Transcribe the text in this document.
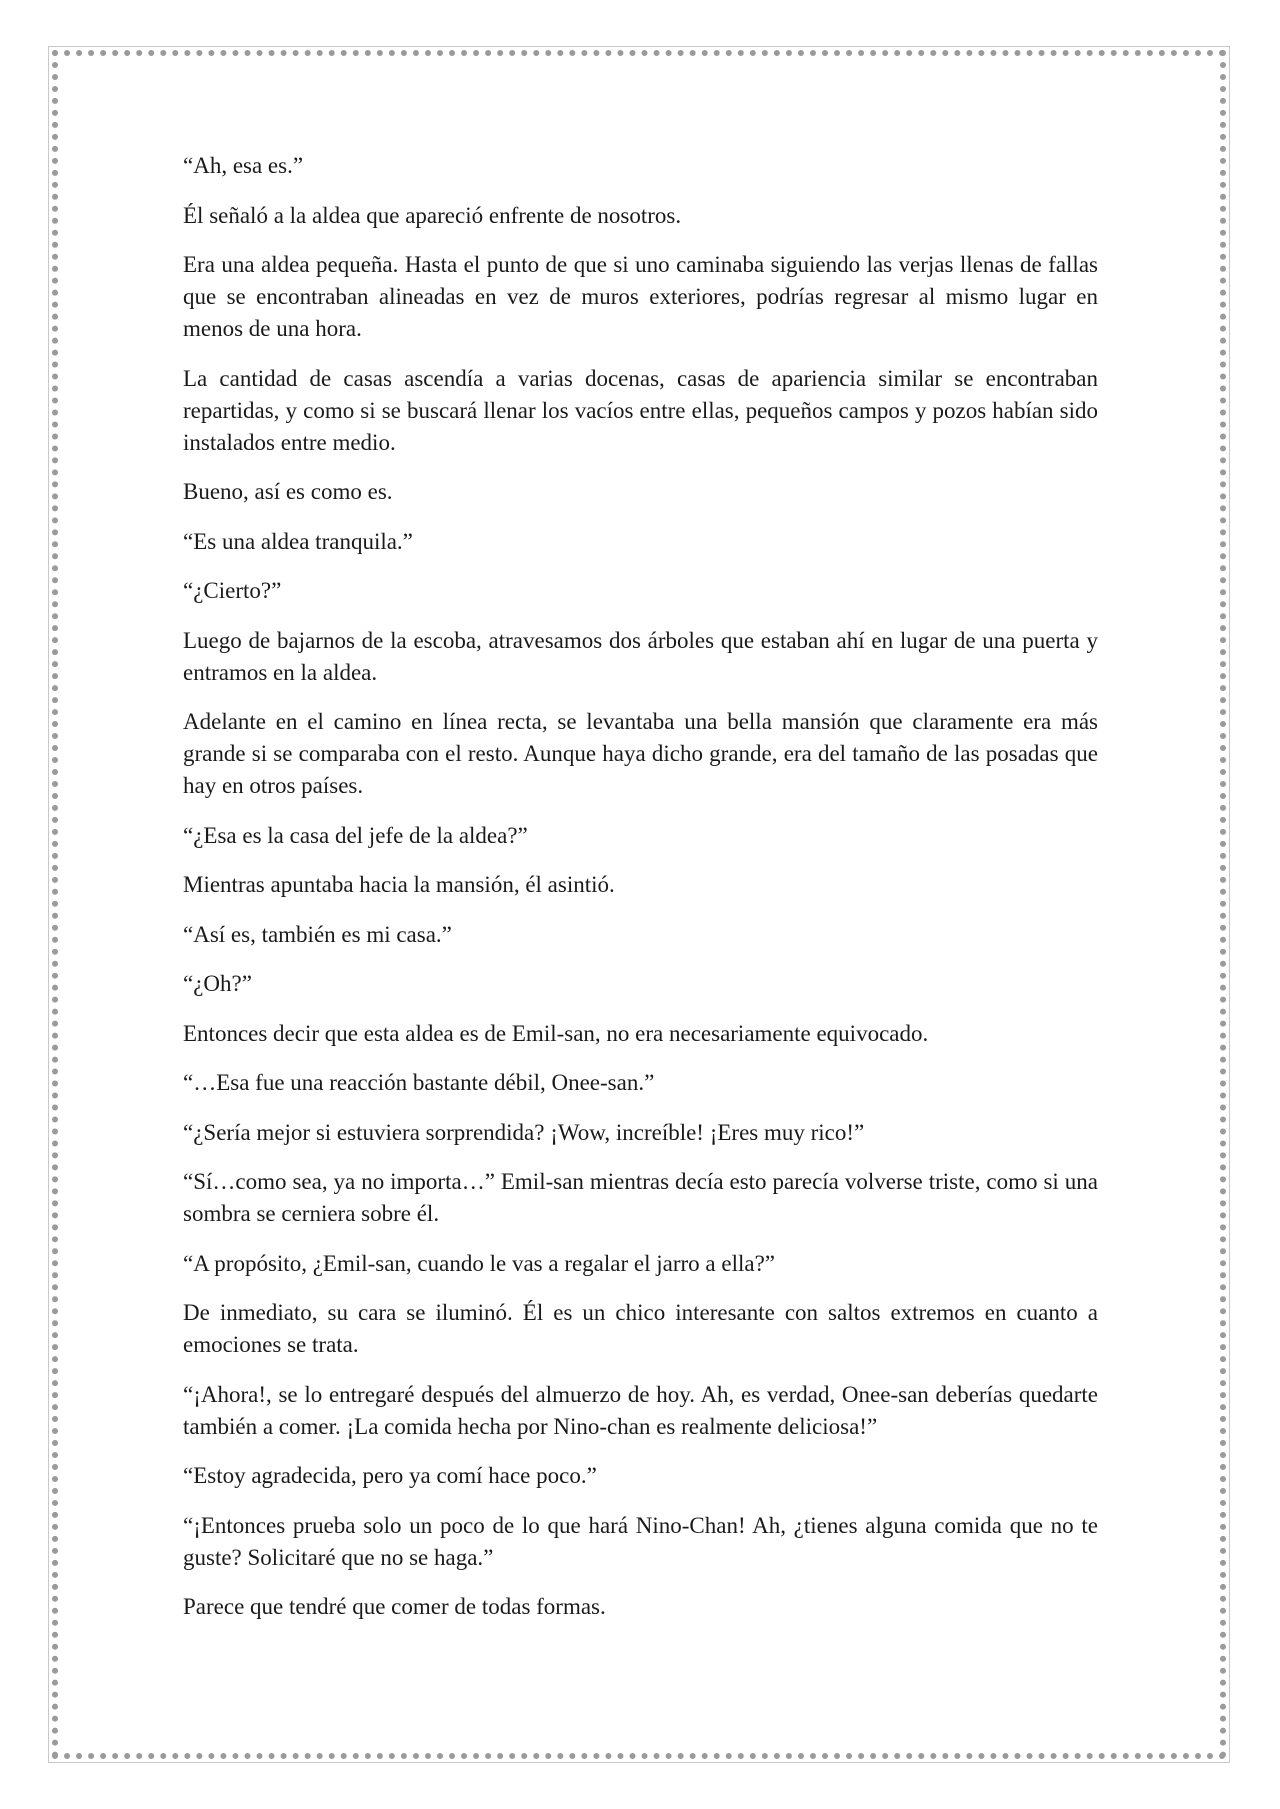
“Ah, esa es.”

Él señaló a la aldea que apareció enfrente de nosotros.

Era una aldea pequeña. Hasta el punto de que si uno caminaba siguiendo las verjas llenas de fallas que se encontraban alineadas en vez de muros exteriores, podrías regresar al mismo lugar en menos de una hora.

La cantidad de casas ascendía a varias docenas, casas de apariencia similar se encontraban repartidas, y como si se buscará llenar los vacíos entre ellas, pequeños campos y pozos habían sido instalados entre medio.

Bueno, así es como es.

“Es una aldea tranquila.”

“¿Cierto?”

Luego de bajarnos de la escoba, atravesamos dos árboles que estaban ahí en lugar de una puerta y entramos en la aldea.

Adelante en el camino en línea recta, se levantaba una bella mansión que claramente era más grande si se comparaba con el resto. Aunque haya dicho grande, era del tamaño de las posadas que hay en otros países.

“¿Esa es la casa del jefe de la aldea?”

Mientras apuntaba hacia la mansión, él asintió.

“Así es, también es mi casa.”

“¿Oh?”

Entonces decir que esta aldea es de Emil-san, no era necesariamente equivocado.

“…Esa fue una reacción bastante débil, Onee-san.”

“¿Sería mejor si estuviera sorprendida? ¡Wow, increíble! ¡Eres muy rico!”

“Sí…como sea, ya no importa…” Emil-san mientras decía esto parecía volverse triste, como si una sombra se cerniera sobre él.

“A propósito, ¿Emil-san, cuando le vas a regalar el jarro a ella?”

De inmediato, su cara se iluminó. Él es un chico interesante con saltos extremos en cuanto a emociones se trata.

“¡Ahora!, se lo entregaré después del almuerzo de hoy. Ah, es verdad, Onee-san deberías quedarte también a comer. ¡La comida hecha por Nino-chan es realmente deliciosa!”

“Estoy agradecida, pero ya comí hace poco.”

“¡Entonces prueba solo un poco de lo que hará Nino-Chan! Ah, ¿tienes alguna comida que no te guste? Solicitaré que no se haga.”

Parece que tendré que comer de todas formas.
